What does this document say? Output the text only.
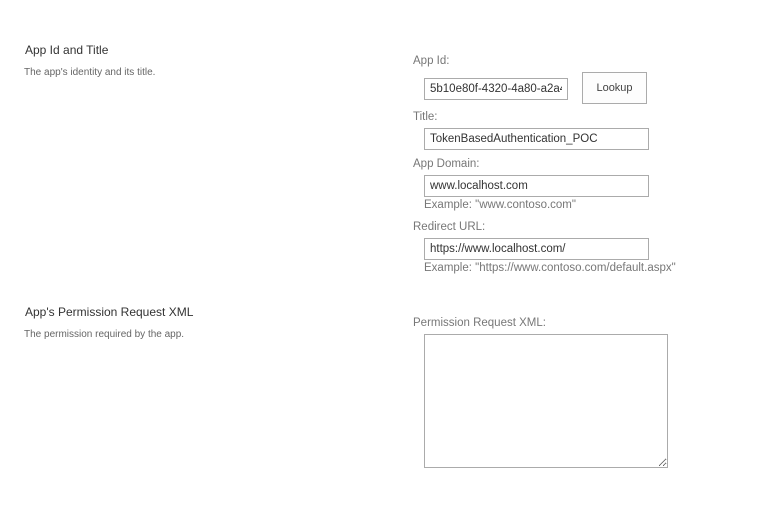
App Id and Title
The app's identity and its title.
App Id:
5b10e80f-4320-4a80-a2a4
Lookup
Title:
TokenBasedAuthentication_POC
App Domain:
www.localhost.com
Example: "www.contoso.com"
Redirect URL:
https://www.localhost.com/
Example: "https://www.contoso.com/default.aspx"
App's Permission Request XML
The permission required by the app.
Permission Request XML:
